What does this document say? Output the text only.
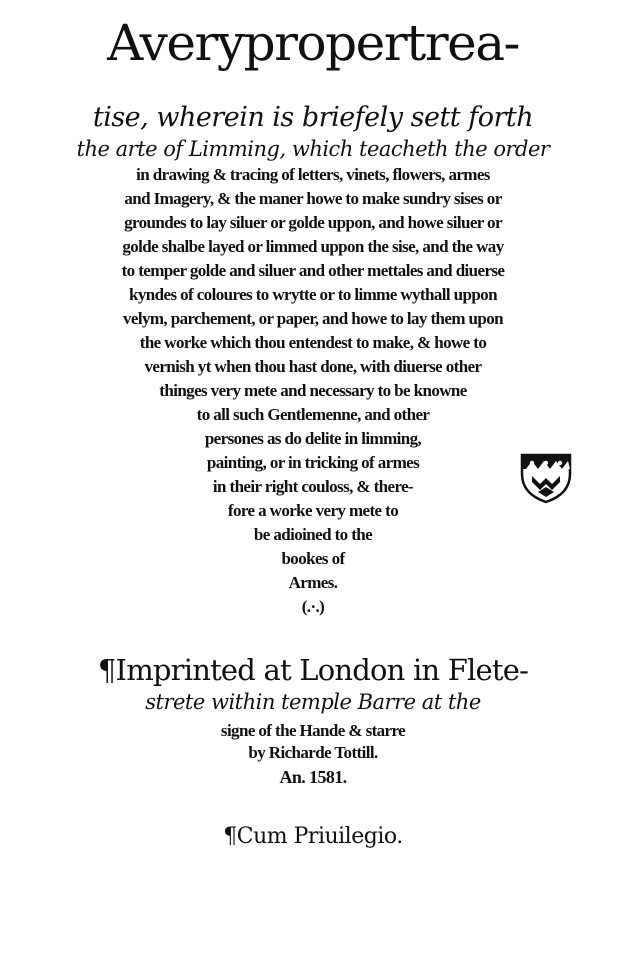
Averypropertrea-
tise, wherein is briefely sett forth
the arte of Limming, which teacheth the order
in drawing & tracing of letters, vinets, flowers, armes
and Imagery, & the maner howe to make sundry sises or
groundes to lay siluer or golde uppon, and howe siluer or
golde shalbe layed or limmed uppon the sise, and the way
to temper golde and siluer and other mettales and diuerse
kyndes of coloures to wrytte or to limme wythall uppon
velym, parchement, or paper, and howe to lay them upon
the worke which thou entendest to make, & howe to
vernish yt when thou hast done, with diuerse other
thinges very mete and necessary to be knowne
to all such Gentlemenne, and other
persones as do delite in limming,
painting, or in tricking of armes
in their right couloss, & there-
fore a worke very mete to
be adioined to the
bookes of
Armes.
(.·.)
¶Imprinted at London in Flete-
strete within temple Barre at the
signe of the Hande & starre
by Richarde Tottill.
An. 1581.
¶Cum Priuilegio.
